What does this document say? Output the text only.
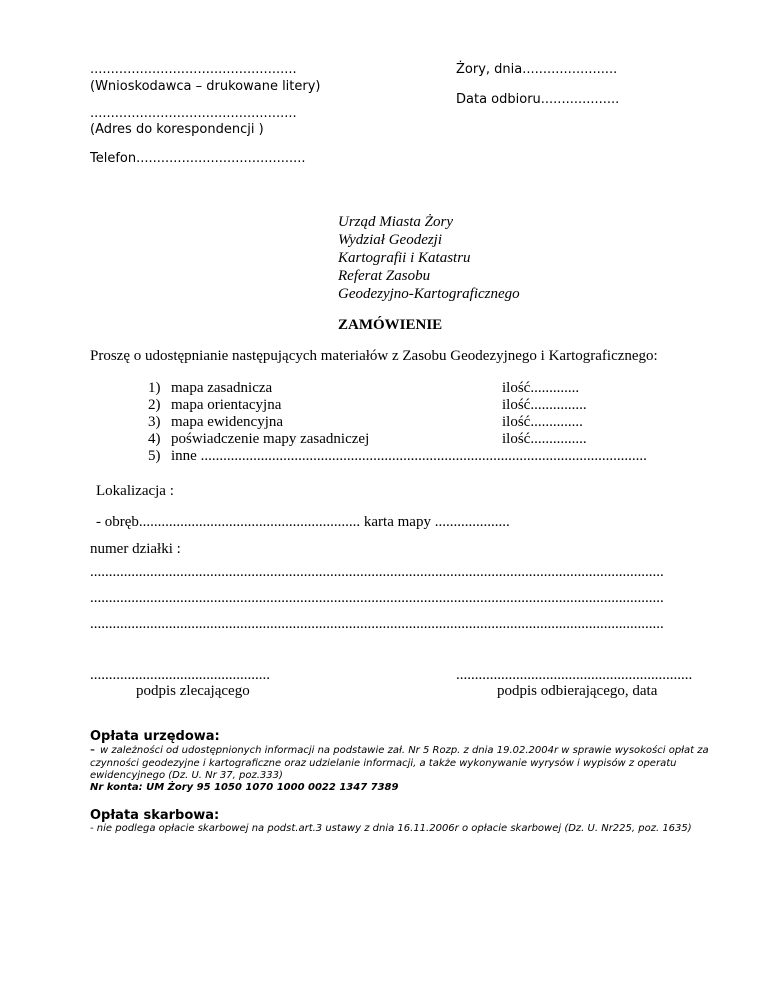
..................................................
(Wnioskodawca – drukowane litery)
..................................................
(Adres do korespondencji )
Telefon.........................................
Żory, dnia.......................
Data odbioru...................
Urząd Miasta Żory
Wydział Geodezji
Kartografii i Katastru
Referat Zasobu
Geodezyjno-Kartograficznego
ZAMÓWIENIE
Proszę o udostępnianie następujących materiałów z Zasobu Geodezyjnego i Kartograficznego:
1) mapa zasadnicza	ilość.............
2) mapa orientacyjna	ilość...............
3) mapa ewidencyjna	ilość..............
4) poświadczenie mapy zasadniczej	ilość...............
5) inne .......................................................................................................................
Lokalizacja :
- obręb........................................................... karta mapy ....................
numer działki :
.........................................................................................................................................................
.........................................................................................................................................................
.........................................................................................................................................................
................................................
podpis zlecającego
...............................................................
podpis odbierającego, data
Opłata urzędowa:
- w zależności od udostępnionych informacji na podstawie zał. Nr 5 Rozp. z dnia 19.02.2004r w sprawie wysokości opłat za czynności geodezyjne i kartograficzne oraz udzielanie informacji, a także wykonywanie wyrysów i wypisów z operatu ewidencyjnego (Dz. U. Nr 37, poz.333)
Nr konta: UM Żory 95 1050 1070 1000 0022 1347 7389
Opłata skarbowa:
- nie podlega opłacie skarbowej na podst.art.3 ustawy z dnia 16.11.2006r o opłacie skarbowej (Dz. U. Nr225, poz. 1635)
